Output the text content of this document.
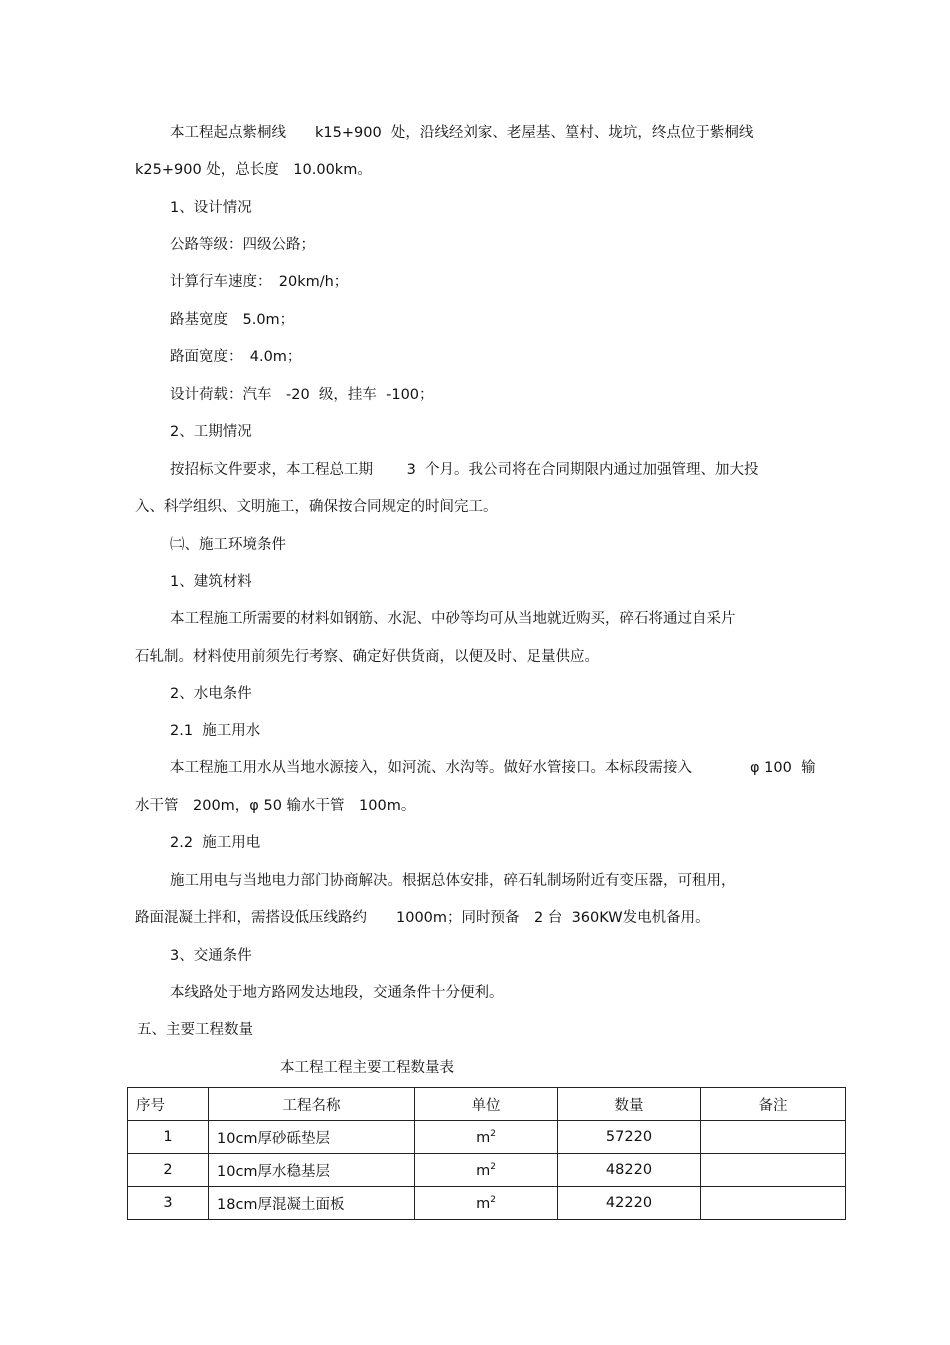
本工程起点紫桐线　　k15+900  处，沿线经刘家、老屋基、篁村、垅坑，终点位于紫桐线
k25+900 处，总长度　10.00km。
1、设计情况
公路等级：四级公路；
计算行车速度：　20km/h；
路基宽度　5.0m；
路面宽度：　4.0m；
设计荷载：汽车　-20  级，挂车  -100；
2、工期情况
按招标文件要求，本工程总工期　　 3  个月。我公司将在合同期限内通过加强管理、加大投
入、科学组织、文明施工，确保按合同规定的时间完工。
㈡、施工环境条件
1、建筑材料
本工程施工所需要的材料如钢筋、水泥、中砂等均可从当地就近购买，碎石将通过自采片
石轧制。材料使用前须先行考察、确定好供货商，以便及时、足量供应。
2、水电条件
2.1  施工用水
本工程施工用水从当地水源接入，如河流、水沟等。做好水管接口。本标段需接入　　　　φ 100  输
水干管　200m，φ 50 输水干管　100m。
2.2  施工用电
施工用电与当地电力部门协商解决。根据总体安排，碎石轧制场附近有变压器，可租用，
路面混凝土拌和，需搭设低压线路约　　1000m；同时预备　2 台  360KW发电机备用。
3、交通条件
本线路处于地方路网发达地段，交通条件十分便利。
五、主要工程数量
本工程工程主要工程数量表
序号	工程名称	单位	数量	备注
1	10cm厚砂砾垫层	$m^2$	57220	
2	10cm厚水稳基层	$m^2$	48220	
3	18cm厚混凝土面板	$m^2$	42220	
